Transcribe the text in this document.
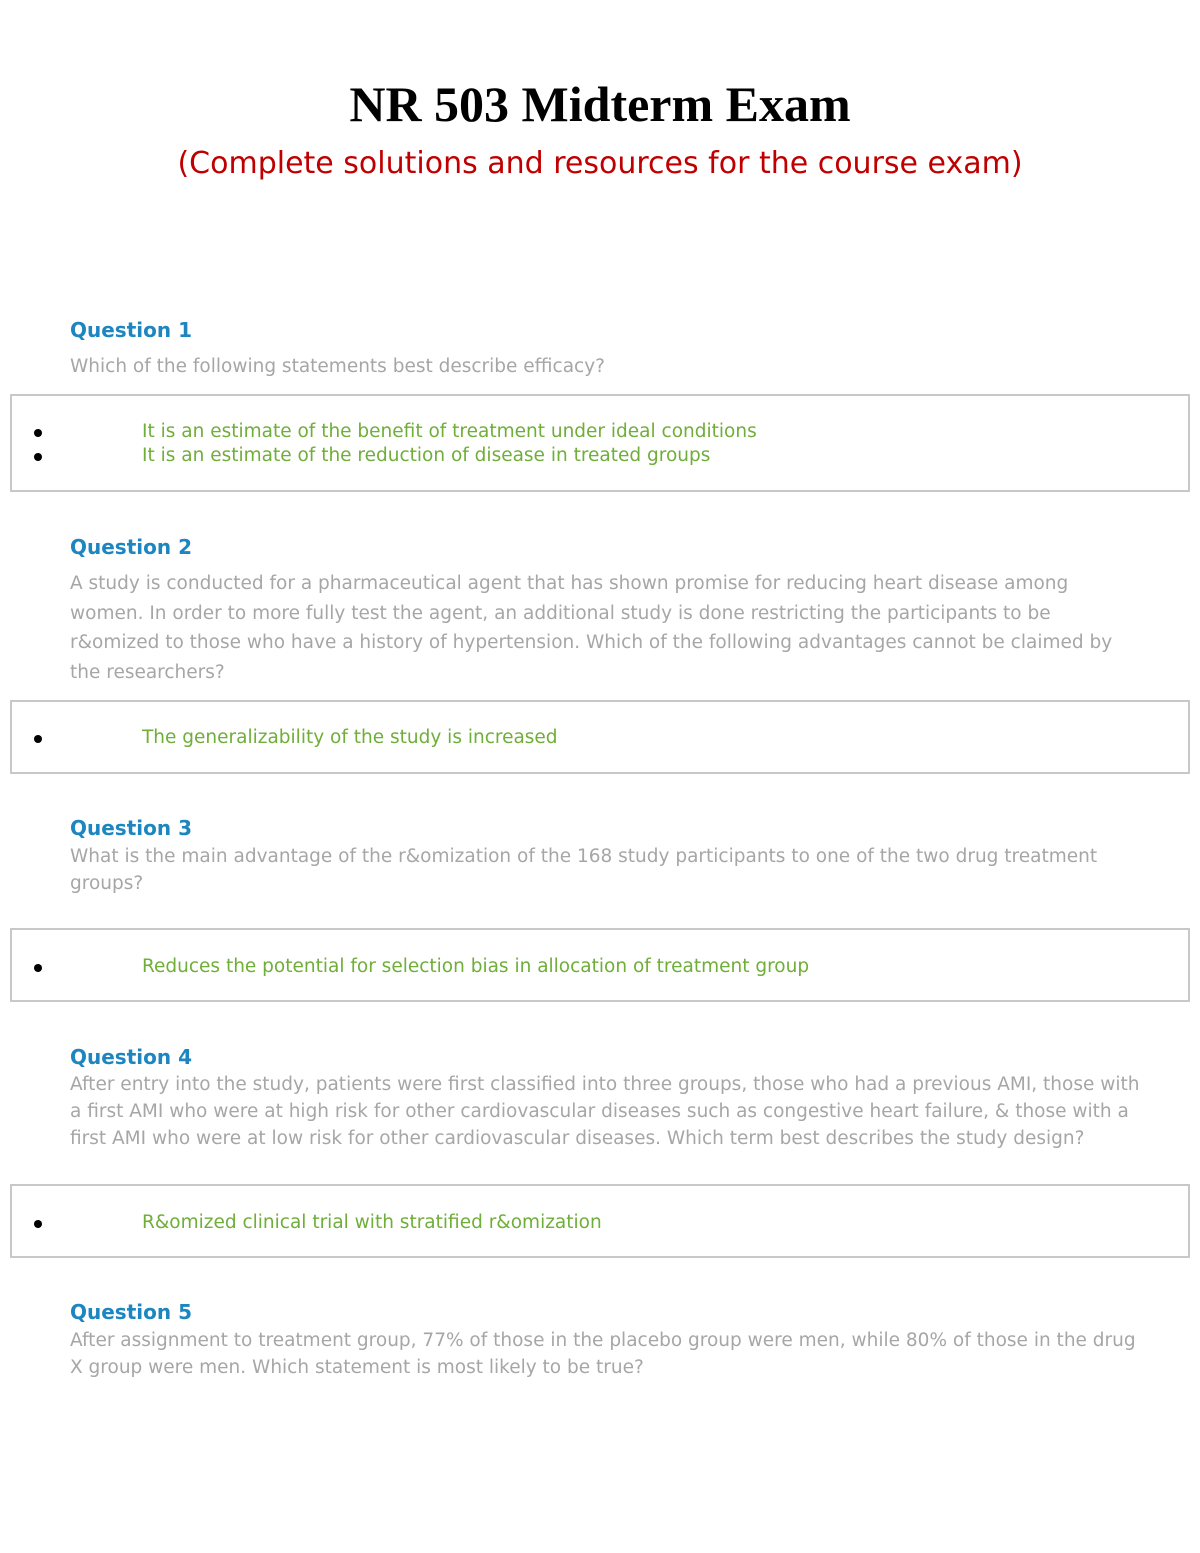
NR 503 Midterm Exam

(Complete solutions and resources for the course exam)

Question 1

Which of the following statements best describe efficacy?

It is an estimate of the benefit of treatment under ideal conditions
It is an estimate of the reduction of disease in treated groups
Question 2

A study is conducted for a pharmaceutical agent that has shown promise for reducing heart disease among women. In order to more fully test the agent, an additional study is done restricting the participants to be r&omized to those who have a history of hypertension. Which of the following advantages cannot be claimed by the researchers?

The generalizability of the study is increased
Question 3

What is the main advantage of the r&omization of the 168 study participants to one of the two drug treatment groups?

Reduces the potential for selection bias in allocation of treatment group
Question 4

After entry into the study, patients were first classified into three groups, those who had a previous AMI, those with a first AMI who were at high risk for other cardiovascular diseases such as congestive heart failure, & those with a first AMI who were at low risk for other cardiovascular diseases. Which term best describes the study design?

R&omized clinical trial with stratified r&omization
Question 5

After assignment to treatment group, 77% of those in the placebo group were men, while 80% of those in the drug X group were men. Which statement is most likely to be true?
